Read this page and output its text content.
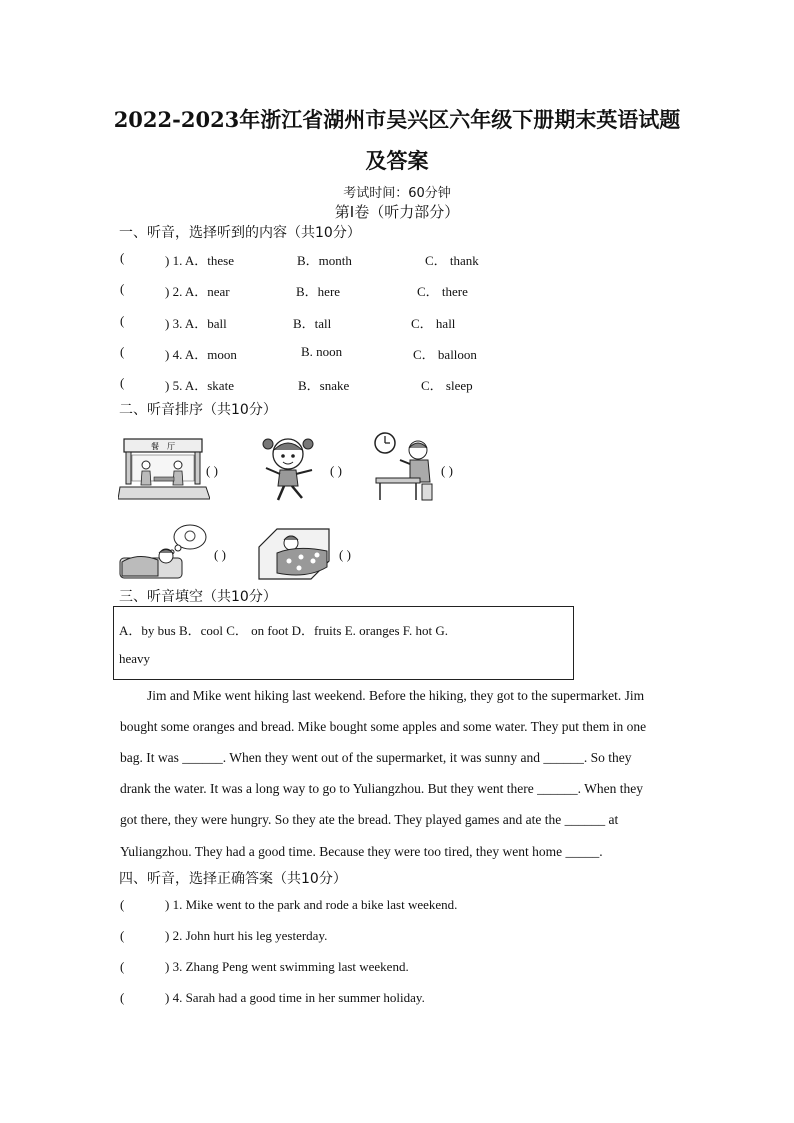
2022-2023年浙江省湖州市吴兴区六年级下册期末英语试题
及答案
考试时间：60分钟
第Ⅰ卷（听力部分）
一、听音，选择听到的内容（共10分）
(	) 1. A．these	B．month	C． thank
(	) 2. A．near	B．here	C． there
(	) 3. A．ball	B．tall	C． hall
(	) 4. A．moon	B. noon	C． balloon
(	) 5. A．skate	B．snake	C． sleep
二、听音排序（共10分）
餐　厅
( )	( )	( )
( )	( )
三、听音填空（共10分）
A．by bus B．cool C． on foot D．fruits E. oranges F. hot G.
heavy
Jim and Mike went hiking last weekend. Before the hiking, they got to the supermarket. Jim
bought some oranges and bread. Mike bought some apples and some water. They put them in one
bag. It was ______. When they went out of the supermarket, it was sunny and ______. So they
drank the water. It was a long way to go to Yuliangzhou. But they went there ______. When they
got there, they were hungry. So they ate the bread. They played games and ate the ______ at
Yuliangzhou. They had a good time. Because they were too tired, they went home _____.
四、听音，选择正确答案（共10分）
(	) 1. Mike went to the park and rode a bike last weekend.
(	) 2. John hurt his leg yesterday.
(	) 3. Zhang Peng went swimming last weekend.
(	) 4. Sarah had a good time in her summer holiday.
